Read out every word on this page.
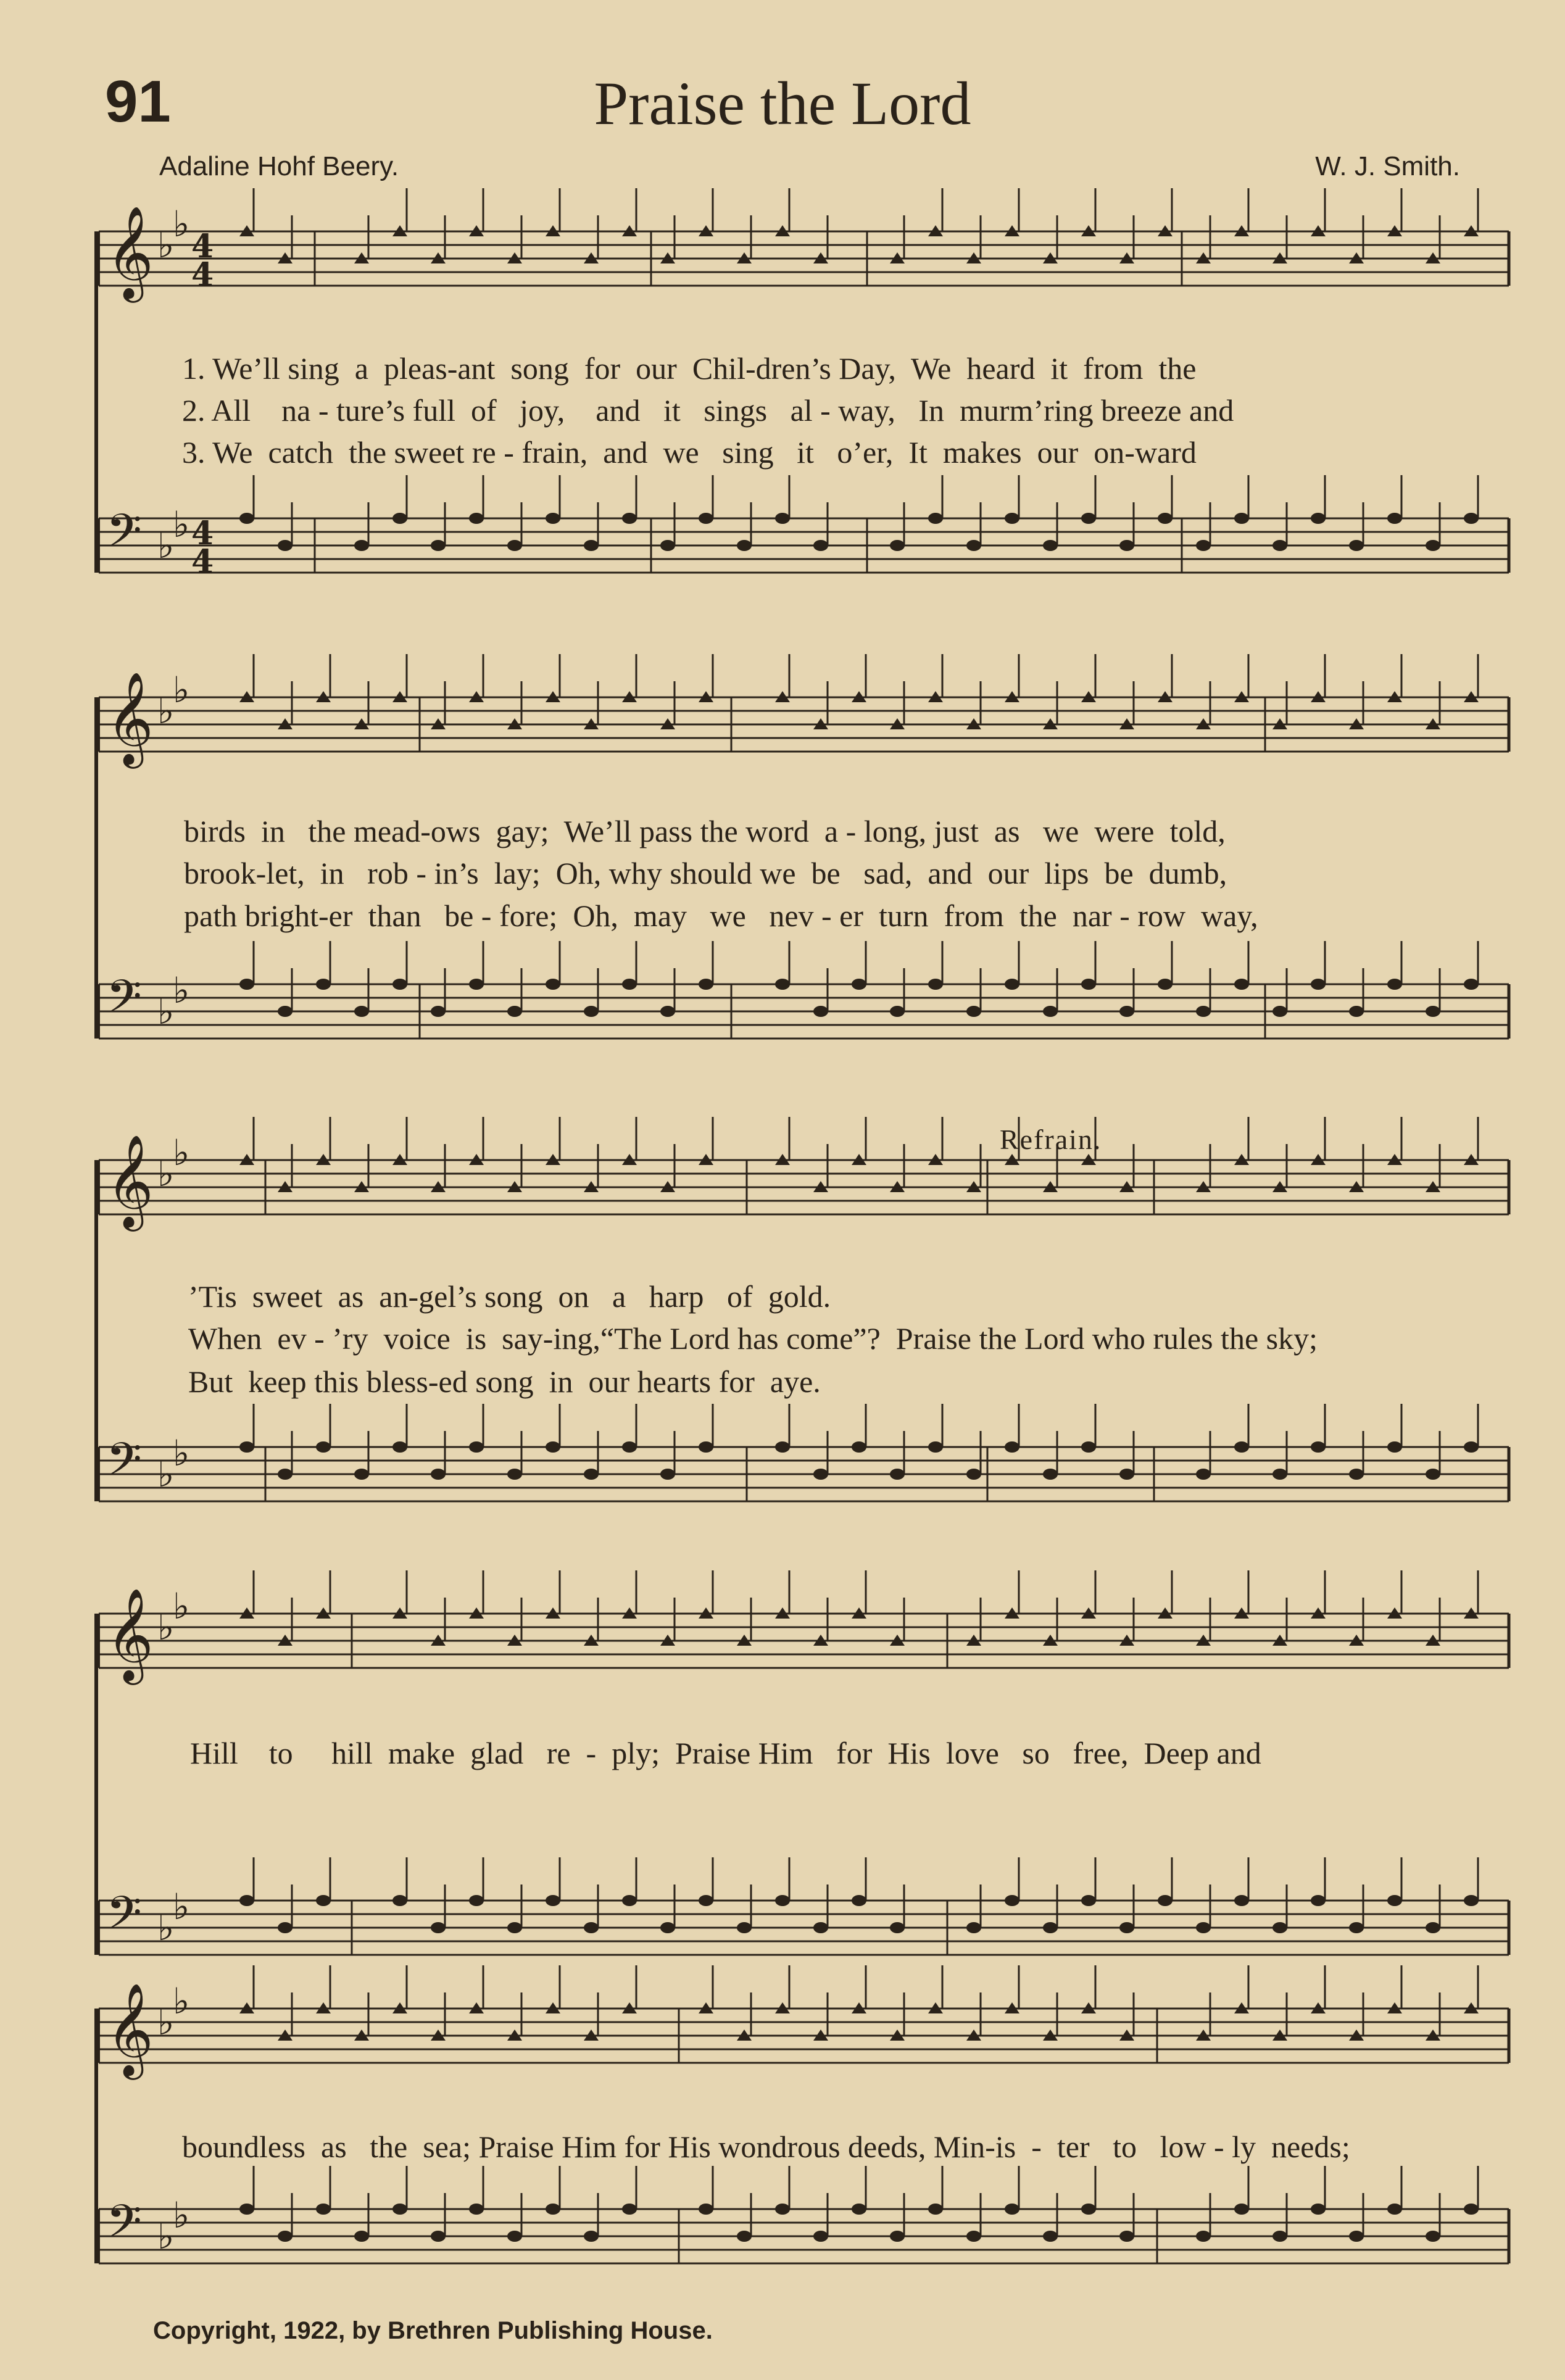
91	Praise the Lord
Adaline Hohf Beery.	W. J. Smith.
𝄞 ♭
♭
4
4
𝄢 ♭
♭ 4
4
𝄞 ♭
♭
𝄢 ♭
♭
𝄞 ♭
♭
𝄢 ♭
♭
𝄞 ♭
♭
𝄢 ♭
♭
𝄞 ♭
♭
𝄢 ♭
♭
1. We’ll sing  a  pleas-ant  song  for  our  Chil-dren’s Day,  We  heard  it  from  the
2. All    na - ture’s full  of   joy,    and   it   sings   al - way,   In  murm’ring breeze and
3. We  catch  the sweet re - frain,  and  we   sing   it   o’er,  It  makes  our  on-ward
birds  in   the mead-ows  gay;  We’ll pass the word  a - long, just  as   we  were  told,
brook-let,  in   rob - in’s  lay;  Oh, why should we  be   sad,  and  our  lips  be  dumb,
path bright-er  than   be - fore;  Oh,  may   we   nev - er  turn  from  the  nar - row  way,
Refrain.
’Tis  sweet  as  an-gel’s song  on   a   harp   of  gold.
When  ev - ’ry  voice  is  say-ing,“The Lord has come”?  Praise the Lord who rules the sky;
But  keep this bless-ed song  in  our hearts for  aye.
Hill    to     hill  make  glad   re  -  ply;  Praise Him   for  His  love   so   free,  Deep and
boundless  as   the  sea; Praise Him for His wondrous deeds, Min-is  -  ter   to   low - ly  needs;
Copyright, 1922, by Brethren Publishing House.
